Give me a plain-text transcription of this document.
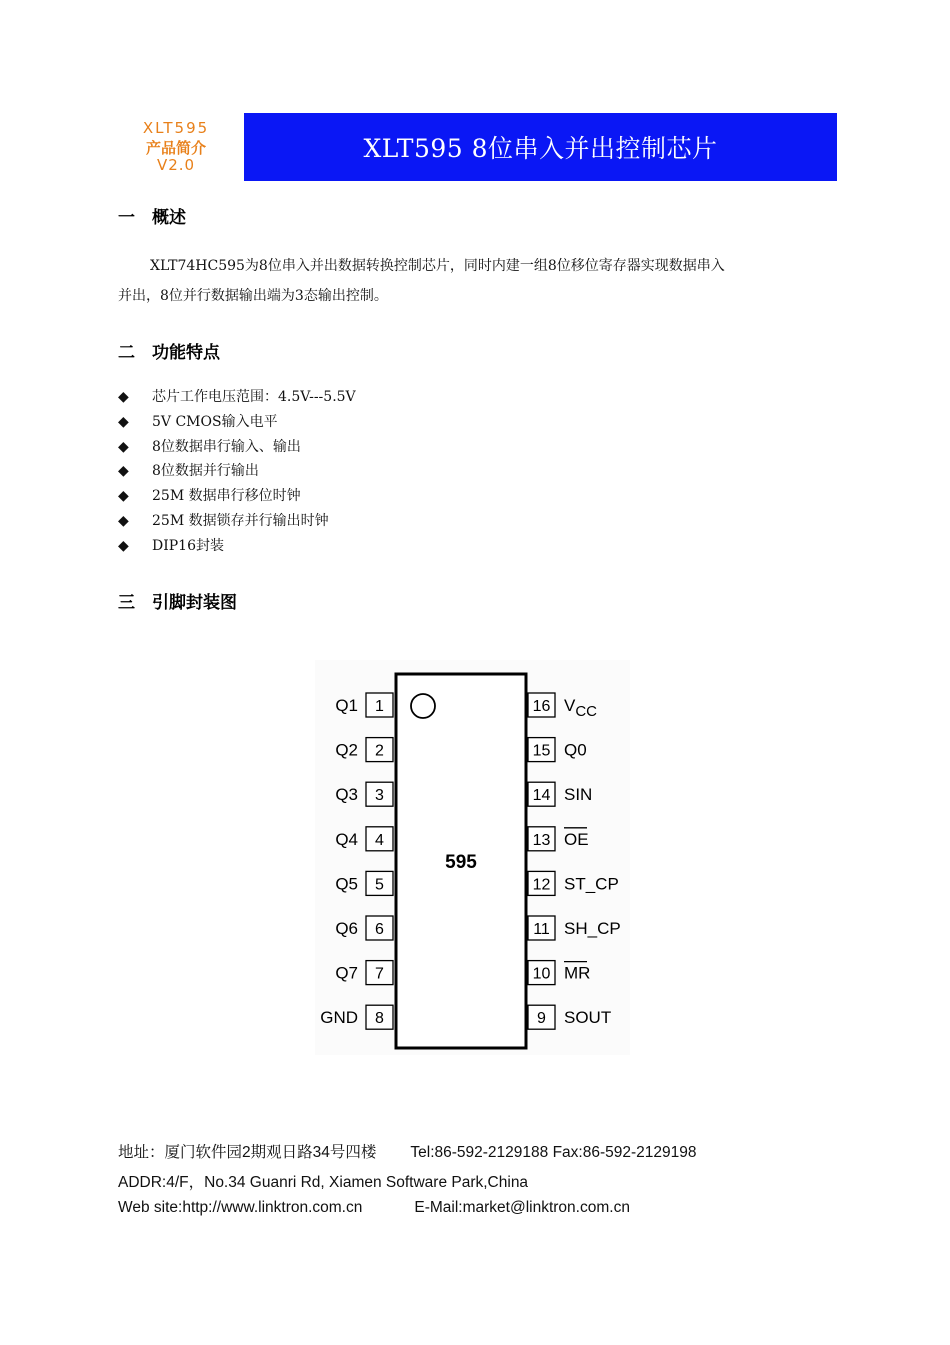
XLT595
产品简介
V2.0
XLT595 8位串入并出控制芯片
一 概述
XLT74HC595为8位串入并出数据转换控制芯片，同时内建一组8位移位寄存器实现数据串入
并出，8位并行数据输出端为3态输出控制。
二 功能特点
◆ 芯片工作电压范围：4.5V---5.5V
◆ 5V CMOS输入电平
◆ 8位数据串行输入、输出
◆ 8位数据并行输出
◆ 25M 数据串行移位时钟
◆ 25M 数据锁存并行输出时钟
◆ DIP16封装
三 引脚封装图
595
1
Q1
2
Q2
3
Q3
4
Q4
5
Q5
6
Q6
7
Q7
8
GND
16 VCC
15 Q0
14 SIN
13 OE
12 ST_CP
11 SH_CP
10 MR
9 SOUT
地址：厦门软件园2期观日路34号四楼 Tel:86-592-2129188 Fax:86-592-2129198
ADDR:4/F，No.34 Guanri Rd, Xiamen Software Park,China
Web site:http://www.linktron.com.cn	E-Mail:market@linktron.com.cn
